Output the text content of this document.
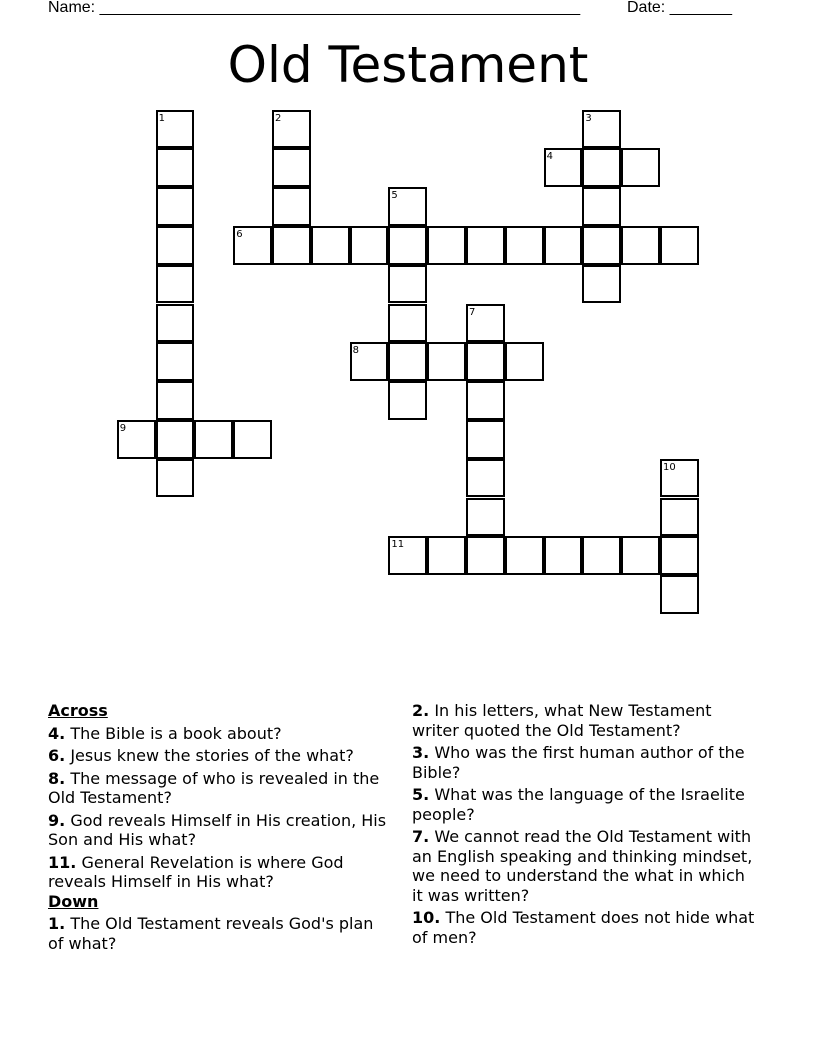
Name: ______________________________________________________	Date: _______
Old Testament
1	2	3
4
5
6
7
8
9
10
11
Across
4. The Bible is a book about?
6. Jesus knew the stories of the what?
8. The message of who is revealed in the Old Testament?
9. God reveals Himself in His creation, His Son and His what?
11. General Revelation is where God reveals Himself in His what?
Down
1. The Old Testament reveals God's plan of what?
2. In his letters, what New Testament writer quoted the Old Testament?
3. Who was the first human author of the Bible?
5. What was the language of the Israelite people?
7. We cannot read the Old Testament with an English speaking and thinking mindset, we need to understand the what in which it was written?
10. The Old Testament does not hide what of men?
